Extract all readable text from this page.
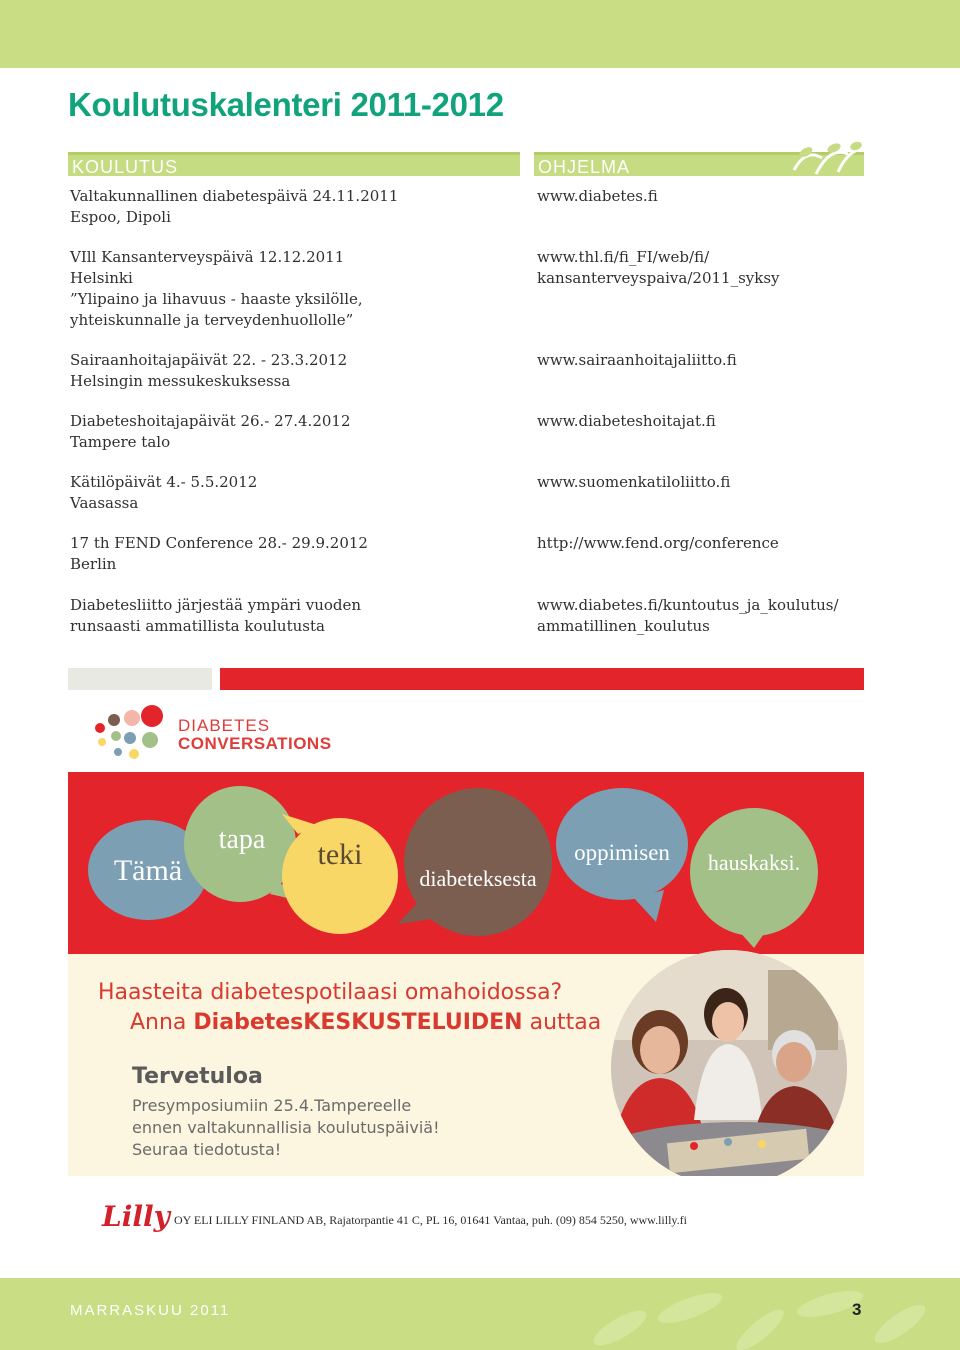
Koulutuskalenteri 2011-2012
KOULUTUS	OHJELMA
Valtakunnallinen diabetespäivä 24.11.2011
Espoo, Dipoli
www.diabetes.fi
VIll Kansanterveyspäivä 12.12.2011
Helsinki
”Ylipaino ja lihavuus - haaste yksilölle,
yhteiskunnalle ja terveydenhuollolle”
www.thl.fi/fi_FI/web/fi/
kansanterveyspaiva/2011_syksy
Sairaanhoitajapäivät 22. - 23.3.2012
Helsingin messukeskuksessa
www.sairaanhoitajaliitto.fi
Diabeteshoitajapäivät 26.- 27.4.2012
Tampere talo
www.diabeteshoitajat.fi
Kätilöpäivät 4.- 5.5.2012
Vaasassa
www.suomenkatiloliitto.fi
17 th FEND Conference 28.- 29.9.2012
Berlin
http://www.fend.org/conference
Diabetesliitto järjestää ympäri vuoden
runsaasti ammatillista koulutusta
www.diabetes.fi/kuntoutus_ja_koulutus/
ammatillinen_koulutus
DIABETES
CONVERSATIONS
Tämä
tapa teki
diabeteksesta
oppimisen hauskaksi.
Haasteita diabetespotilaasi omahoidossa?
Anna DiabetesKESKUSTELUIDEN auttaa
Tervetuloa
Presymposiumiin 25.4.Tampereelle
ennen valtakunnallisia koulutuspäiviä!
Seuraa tiedotusta!
Lilly OY ELI LILLY FINLAND AB, Rajatorpantie 41 C, PL 16, 01641 Vantaa, puh. (09) 854 5250, www.lilly.fi
MARRASKUU 2011	3
